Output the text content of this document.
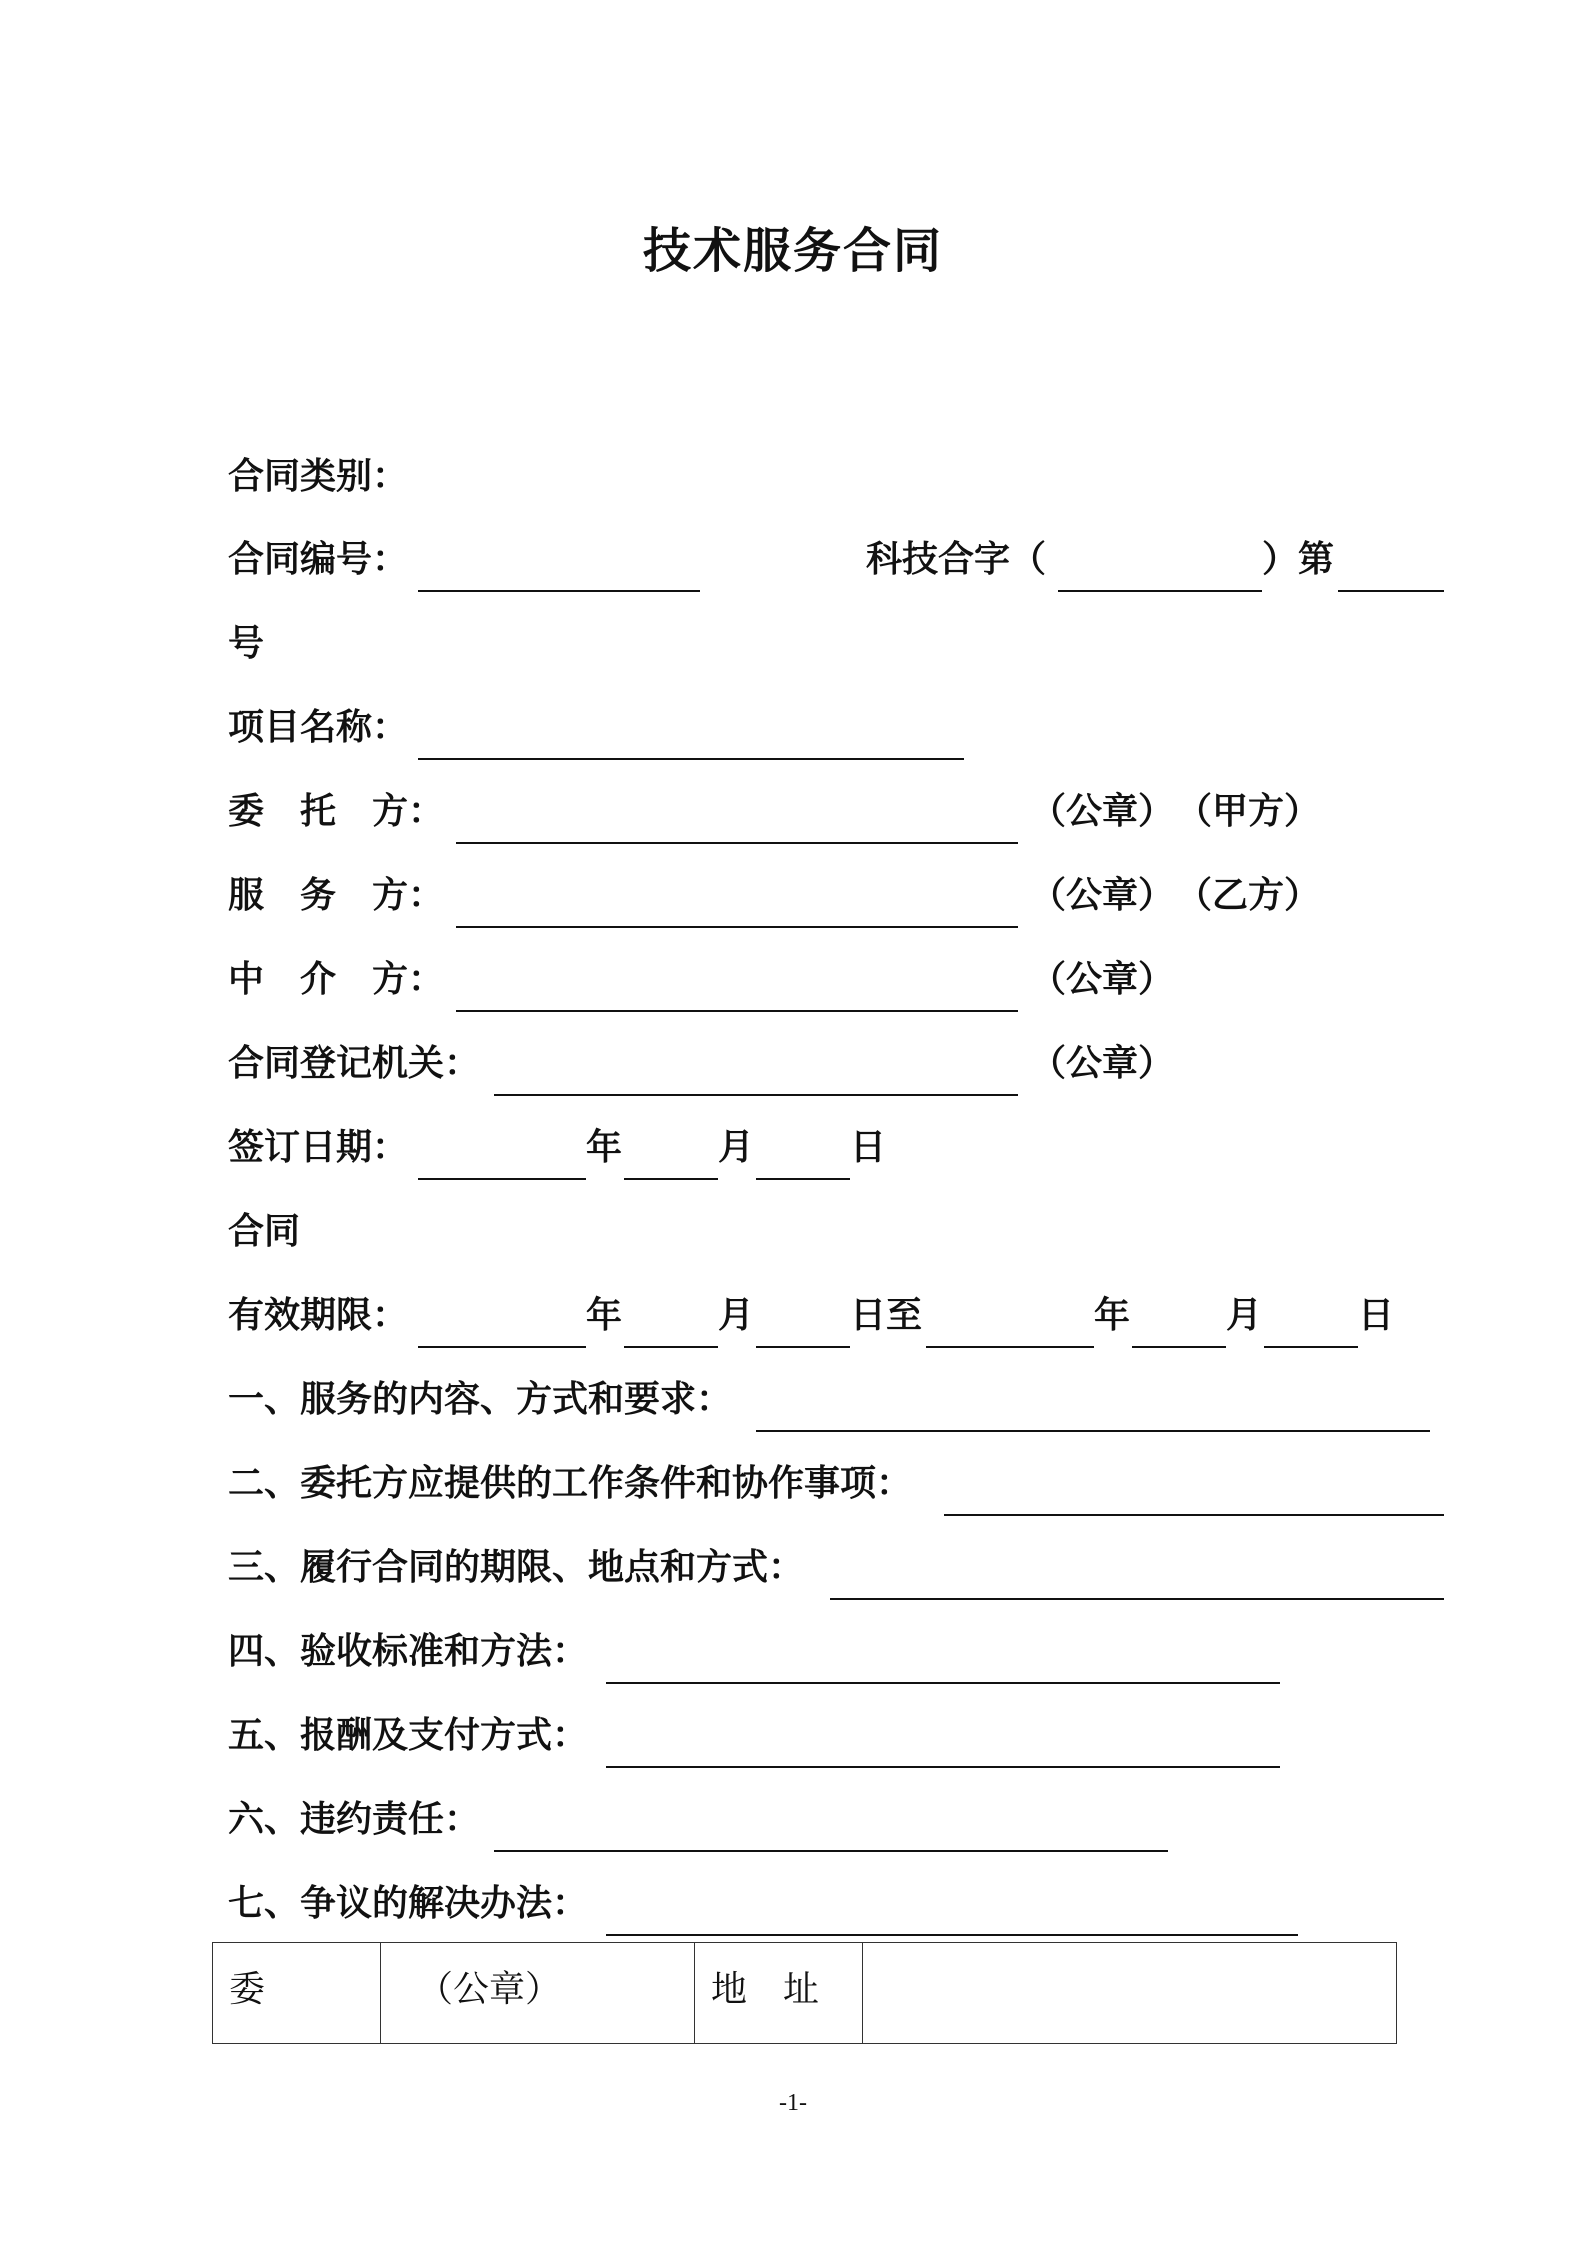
技术服务合同
合同类别：
合同编号：	科技合字（	）第
号
项目名称：
委　托　方：	（公章） （甲方）
服　务　方：	（公章） （乙方）
中　介　方：	（公章）
合同登记机关：	（公章）
签订日期：	年	月	日
合同
有效期限：	年	月	日至	年	月	日
一、服务的内容、方式和要求：
二、委托方应提供的工作条件和协作事项：
三、履行合同的期限、地点和方式：
四、验收标准和方法：
五、报酬及支付方式：
六、违约责任：
七、争议的解决办法：
委	（公章）	地　址	
-1-
